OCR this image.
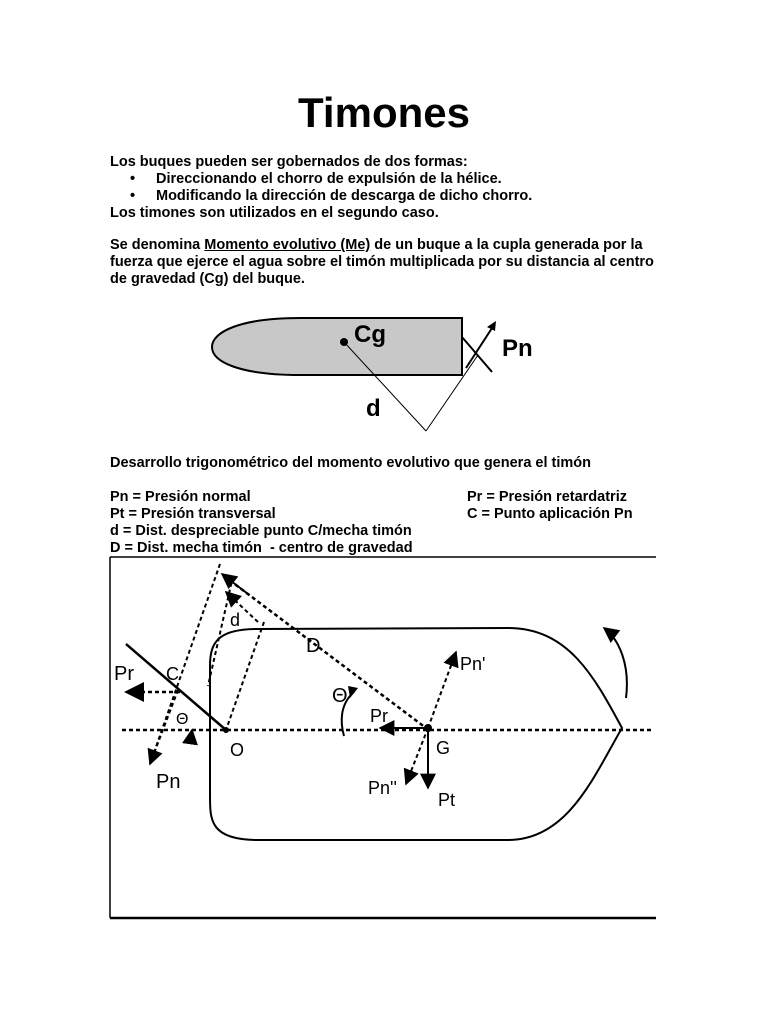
Timones
Los buques pueden ser gobernados de dos formas:
• Direccionando el chorro de expulsión de la hélice.
• Modificando la dirección de descarga de dicho chorro.
Los timones son utilizados en el segundo caso.
Se denomina Momento evolutivo (Me) de un buque a la cupla generada por la fuerza que ejerce el agua sobre el timón multiplicada por su distancia al centro de gravedad (Cg) del buque.
Cg
Pn
d
Desarrollo trigonométrico del momento evolutivo que genera el timón
Pn = Presión normal	Pr = Presión retardatriz
Pt = Presión transversal	C = Punto aplicación Pn
d = Dist. despreciable punto C/mecha timón
D = Dist. mecha timón  - centro de gravedad
Pr C
Θ
Pn
O
d
D
Θ
Pr
Pn'
G
Pn''
Pt
